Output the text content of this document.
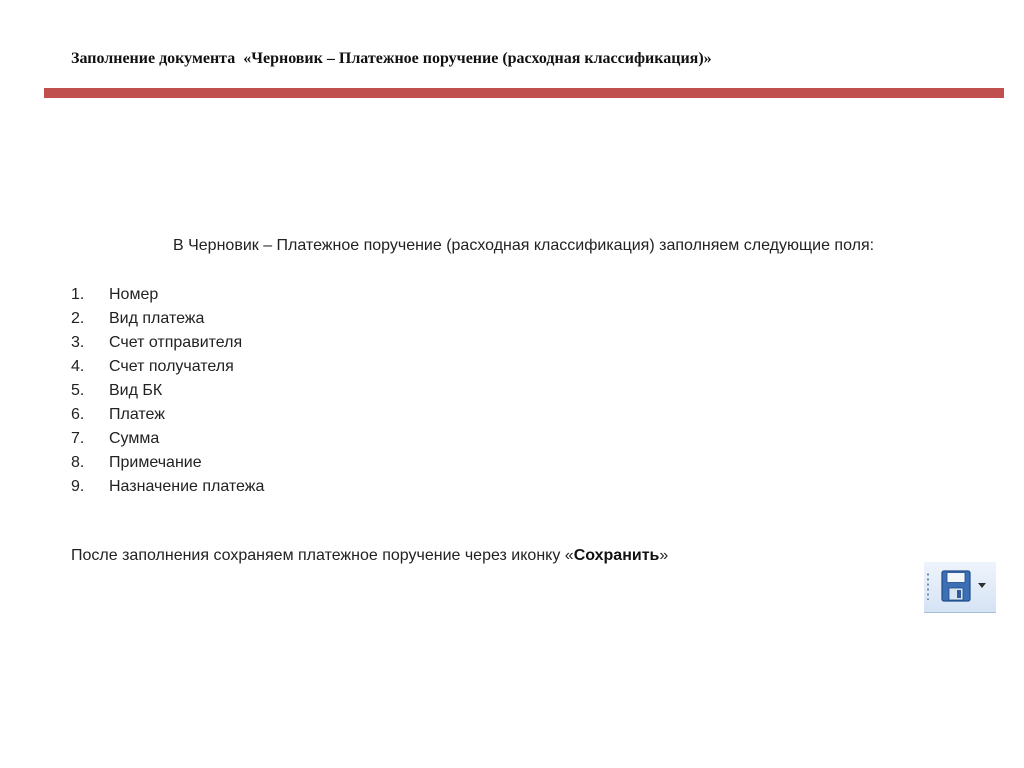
Заполнение документа  «Черновик – Платежное поручение (расходная классификация)»
В Черновик – Платежное поручение (расходная классификация) заполняем следующие поля:
1.	Номер
2.	Вид платежа
3.	Счет отправителя
4.	Счет получателя
5.	Вид БК
6.	Платеж
7.	Сумма
8.	Примечание
9.	Назначение платежа
После заполнения сохраняем платежное поручение через иконку «Сохранить»
